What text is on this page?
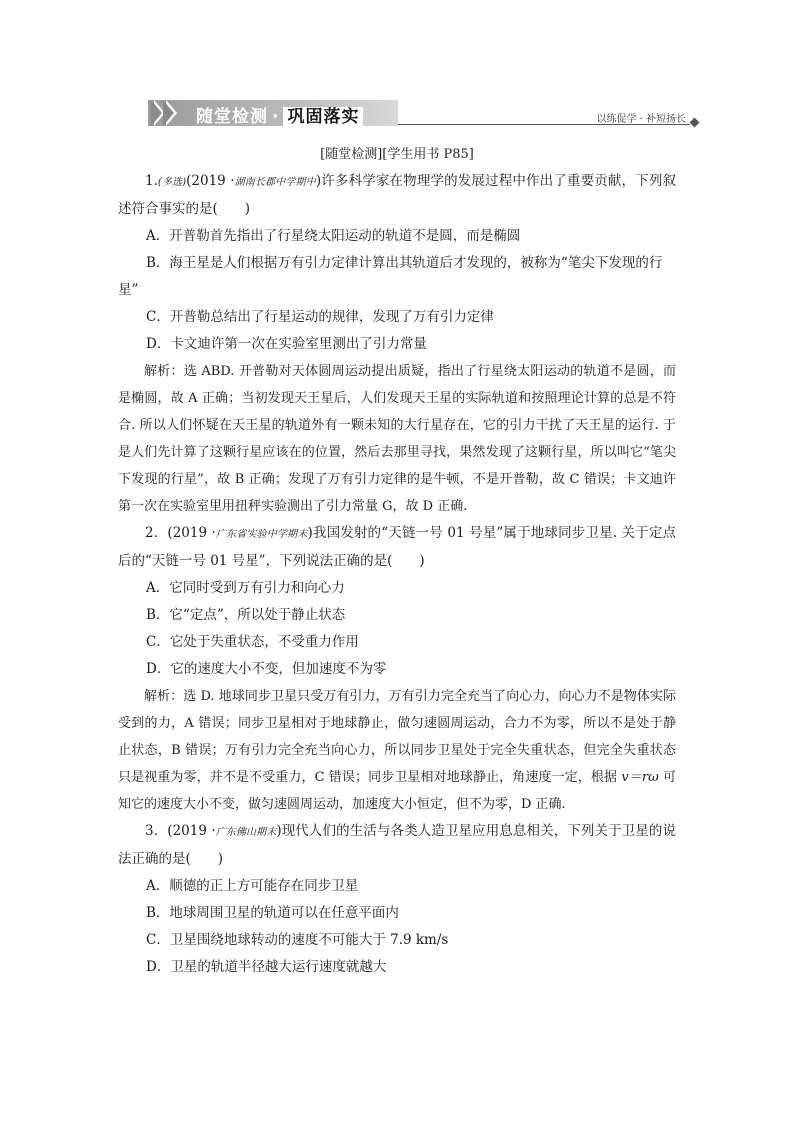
随堂检测 · 巩固落实	以练促学 · 补短扬长
[随堂检测][学生用书 P85]

1.(多选)(2019 ·湖南长郡中学期中)许多科学家在物理学的发展过程中作出了重要贡献，下列叙述符合事实的是(　　)

A．开普勒首先指出了行星绕太阳运动的轨道不是圆，而是椭圆

B．海王星是人们根据万有引力定律计算出其轨道后才发现的，被称为“笔尖下发现的行星”

C．开普勒总结出了行星运动的规律，发现了万有引力定律

D．卡文迪许第一次在实验室里测出了引力常量

解析：选 ABD. 开普勒对天体圆周运动提出质疑，指出了行星绕太阳运动的轨道不是圆，而是椭圆，故 A 正确；当初发现天王星后，人们发现天王星的实际轨道和按照理论计算的总是不符合. 所以人们怀疑在天王星的轨道外有一颗未知的大行星存在，它的引力干扰了天王星的运行. 于是人们先计算了这颗行星应该在的位置，然后去那里寻找，果然发现了这颗行星，所以叫它“笔尖下发现的行星”，故 B 正确；发现了万有引力定律的是牛顿，不是开普勒，故 C 错误；卡文迪许第一次在实验室里用扭秤实验测出了引力常量 G，故 D 正确.

2．(2019 ·广东省实验中学期末)我国发射的“天链一号 01 号星”属于地球同步卫星. 关于定点后的“天链一号 01 号星”，下列说法正确的是(　　)

A．它同时受到万有引力和向心力

B．它“定点”，所以处于静止状态

C．它处于失重状态，不受重力作用

D．它的速度大小不变，但加速度不为零

解析：选 D. 地球同步卫星只受万有引力，万有引力完全充当了向心力，向心力不是物体实际受到的力，A 错误；同步卫星相对于地球静止，做匀速圆周运动，合力不为零，所以不是处于静止状态，B 错误；万有引力完全充当向心力，所以同步卫星处于完全失重状态，但完全失重状态只是视重为零，并不是不受重力，C 错误；同步卫星相对地球静止，角速度一定，根据 v＝rω 可知它的速度大小不变，做匀速圆周运动，加速度大小恒定，但不为零，D 正确.

3．(2019 ·广东佛山期末)现代人们的生活与各类人造卫星应用息息相关，下列关于卫星的说法正确的是(　　)

A．顺德的正上方可能存在同步卫星

B．地球周围卫星的轨道可以在任意平面内

C．卫星围绕地球转动的速度不可能大于 7.9 km/s

D．卫星的轨道半径越大运行速度就越大
